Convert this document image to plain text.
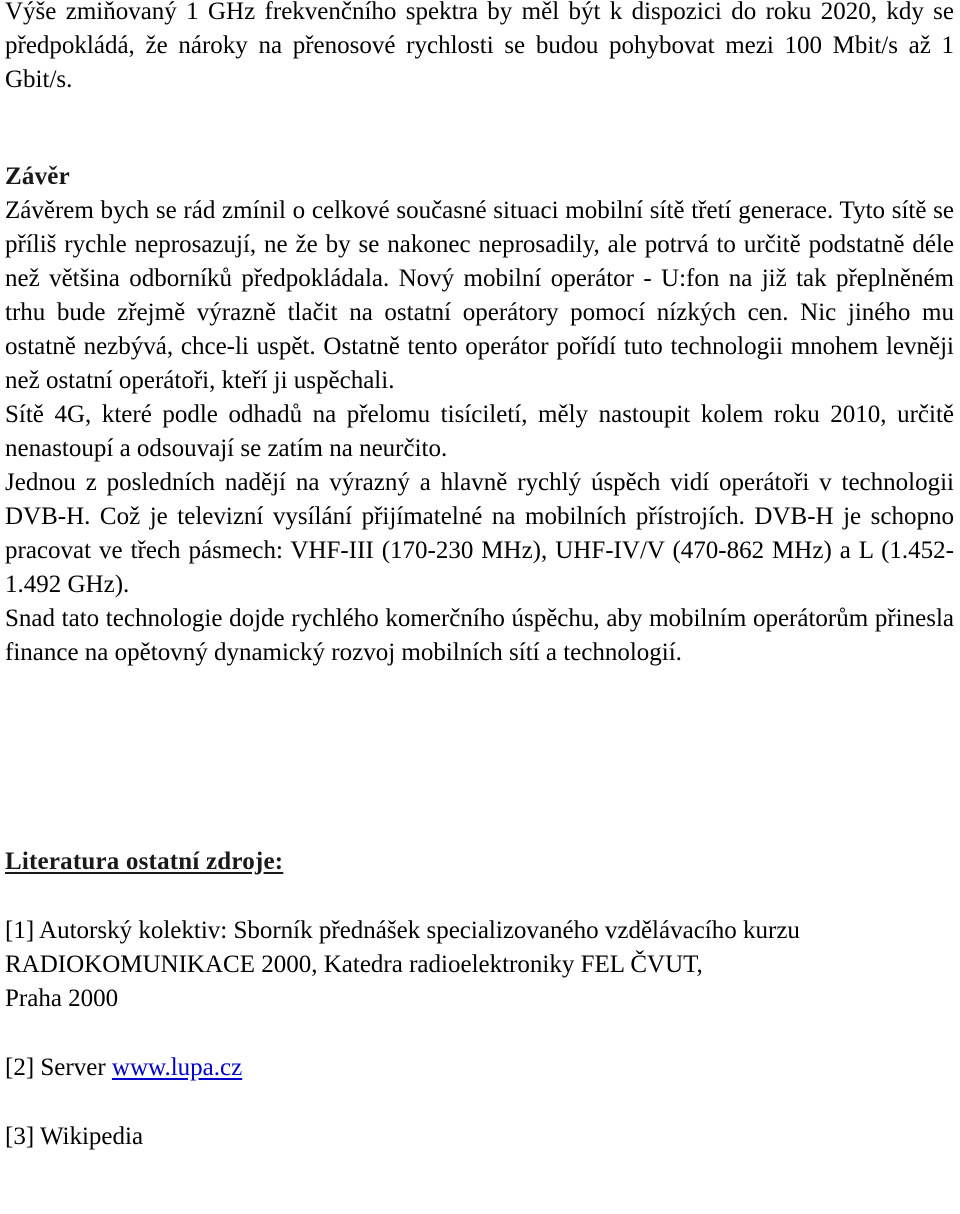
Výše zmiňovaný 1 GHz frekvenčního spektra by měl být k dispozici do roku 2020, kdy se předpokládá, že nároky na přenosové rychlosti se budou pohybovat mezi 100 Mbit/s až 1 Gbit/s.

Závěr

Závěrem bych se rád zmínil o celkové současné situaci mobilní sítě třetí generace. Tyto sítě se příliš rychle neprosazují, ne že by se nakonec neprosadily, ale potrvá to určitě podstatně déle než většina odborníků předpokládala. Nový mobilní operátor - U:fon na již tak přeplněném trhu bude zřejmě výrazně tlačit na ostatní operátory pomocí nízkých cen. Nic jiného mu ostatně nezbývá, chce-li uspět. Ostatně tento operátor pořídí tuto technologii mnohem levněji než ostatní operátoři, kteří ji uspěchali.

Sítě 4G, které podle odhadů na přelomu tisíciletí, měly nastoupit kolem roku 2010, určitě nenastoupí a odsouvají se zatím na neurčito.

Jednou z posledních nadějí na výrazný a hlavně rychlý úspěch vidí operátoři v technologii DVB-H. Což je televizní vysílání přijímatelné na mobilních přístrojích. DVB-H je schopno pracovat ve třech pásmech: VHF-III (170-230 MHz), UHF-IV/V (470-862 MHz) a L (1.452-1.492 GHz).

Snad tato technologie dojde rychlého komerčního úspěchu, aby mobilním operátorům přinesla finance na opětovný dynamický rozvoj mobilních sítí a technologií.

Literatura ostatní zdroje:

[1] Autorský kolektiv: Sborník přednášek specializovaného vzdělávacího kurzu

RADIOKOMUNIKACE 2000, Katedra radioelektroniky FEL ČVUT,

Praha 2000

[2] Server www.lupa.cz

[3] Wikipedia
